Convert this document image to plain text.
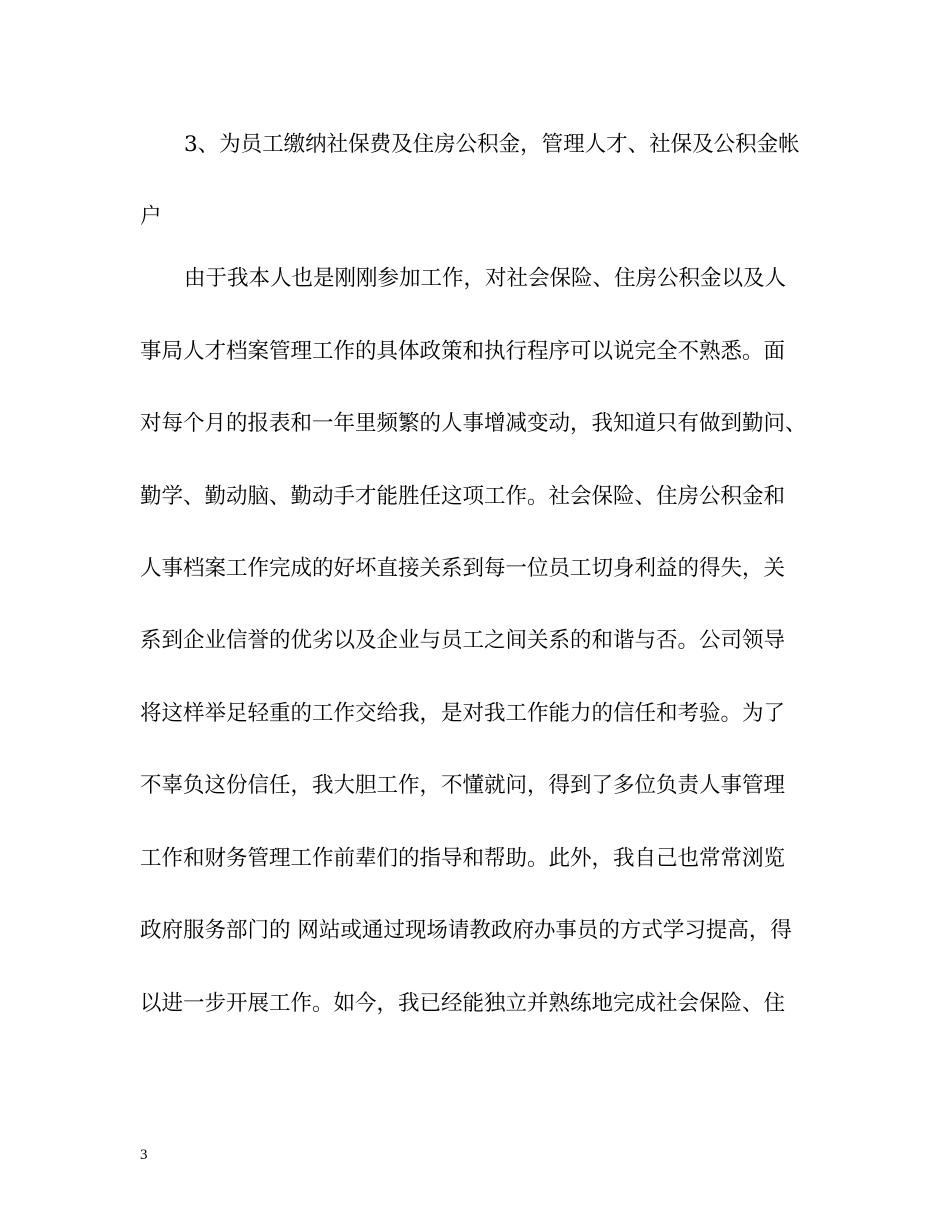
3、为员工缴纳社保费及住房公积金，管理人才、社保及公积金帐
户
由于我本人也是刚刚参加工作，对社会保险、住房公积金以及人
事局人才档案管理工作的具体政策和执行程序可以说完全不熟悉。面
对每个月的报表和一年里频繁的人事增减变动，我知道只有做到勤问、
勤学、勤动脑、勤动手才能胜任这项工作。社会保险、住房公积金和
人事档案工作完成的好坏直接关系到每一位员工切身利益的得失，关
系到企业信誉的优劣以及企业与员工之间关系的和谐与否。公司领导
将这样举足轻重的工作交给我，是对我工作能力的信任和考验。为了
不辜负这份信任，我大胆工作，不懂就问，得到了多位负责人事管理
工作和财务管理工作前辈们的指导和帮助。此外，我自己也常常浏览
政府服务部门的 网站或通过现场请教政府办事员的方式学习提高，得
以进一步开展工作。如今，我已经能独立并熟练地完成社会保险、住
3
